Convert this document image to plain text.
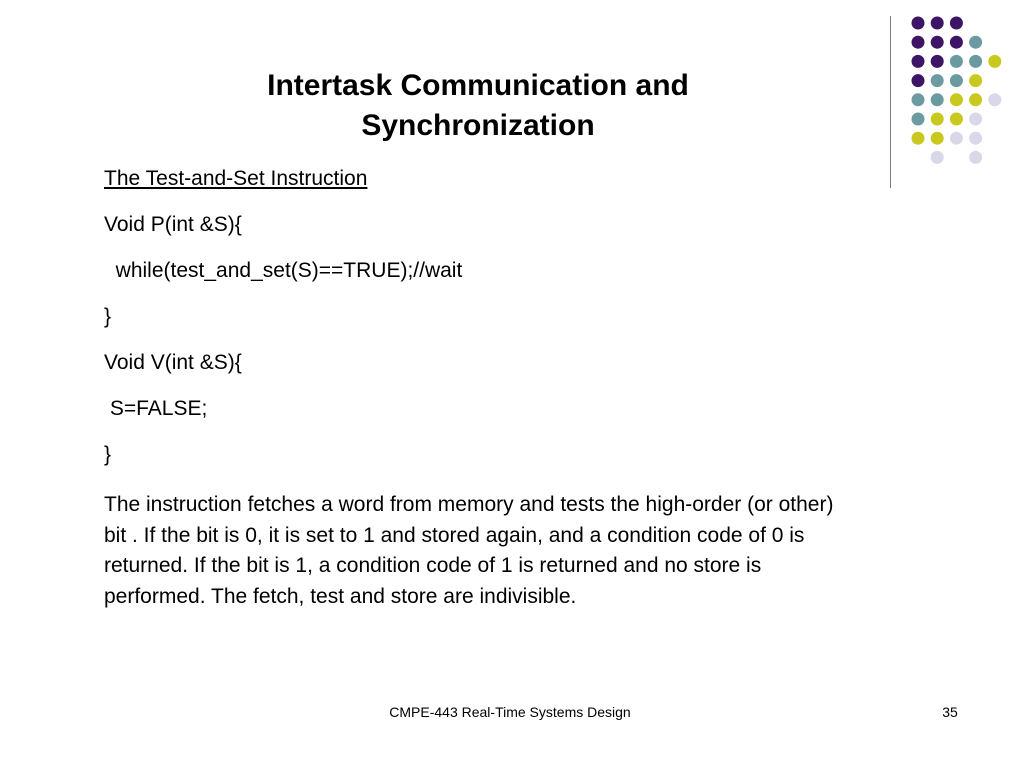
Intertask Communication and
Synchronization
The Test-and-Set Instruction
Void P(int &S){
while(test_and_set(S)==TRUE);//wait
}
Void V(int &S){
S=FALSE;
}
The instruction fetches a word from memory and tests the high-order (or other) bit . If the bit is 0, it is set to 1 and stored again, and a condition code of 0 is returned. If the bit is 1, a condition code of 1 is returned and no store is performed. The fetch, test and store are indivisible.
CMPE-443 Real-Time Systems Design	35
